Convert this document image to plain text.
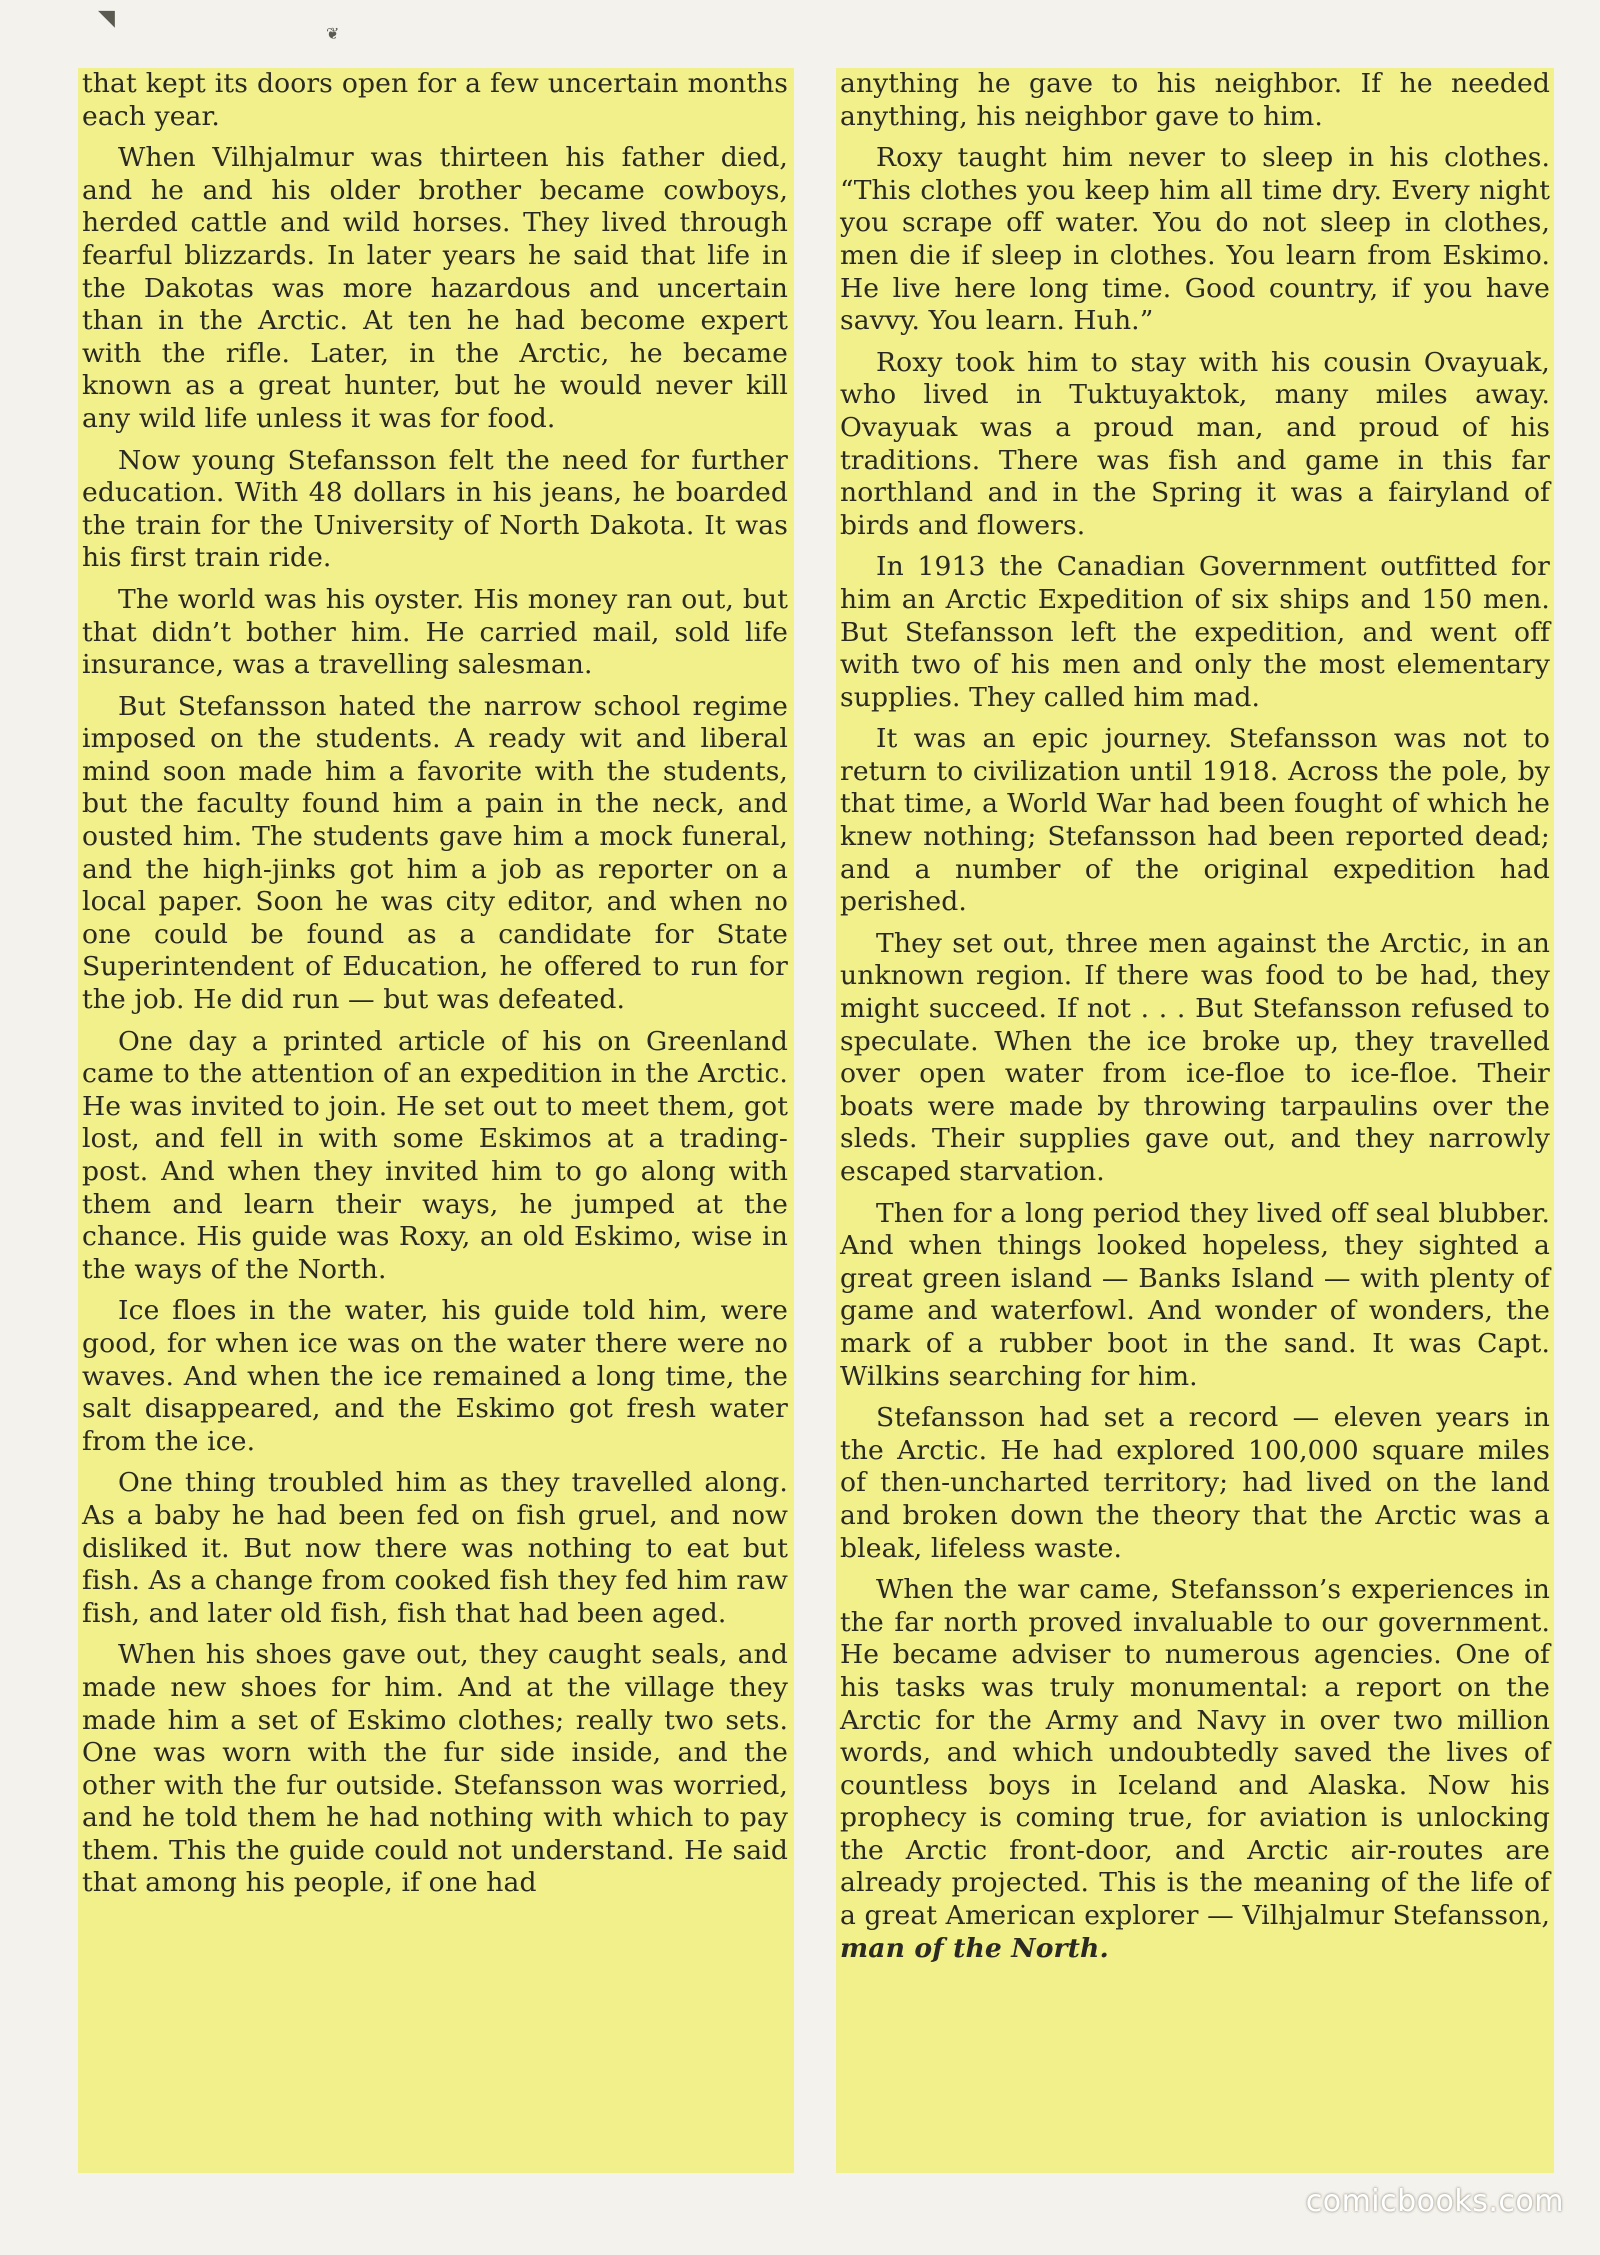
◥
❦

that kept its doors open for a few uncertain months each year.

When Vilhjalmur was thirteen his father died, and he and his older brother became cowboys, herded cattle and wild horses. They lived through fearful blizzards. In later years he said that life in the Dakotas was more hazardous and uncertain than in the Arctic. At ten he had become expert with the rifle. Later, in the Arctic, he became known as a great hunter, but he would never kill any wild life unless it was for food.

Now young Stefansson felt the need for further education. With 48 dollars in his jeans, he boarded the train for the University of North Dakota. It was his first train ride.

The world was his oyster. His money ran out, but that didn’t bother him. He carried mail, sold life insurance, was a travelling salesman.

But Stefansson hated the narrow school regime imposed on the students. A ready wit and liberal mind soon made him a favorite with the students, but the faculty found him a pain in the neck, and ousted him. The students gave him a mock funeral, and the high-jinks got him a job as reporter on a local paper. Soon he was city editor, and when no one could be found as a candidate for State Superintendent of Education, he offered to run for the job. He did run — but was defeated.

One day a printed article of his on Greenland came to the attention of an expedition in the Arctic. He was invited to join. He set out to meet them, got lost, and fell in with some Eskimos at a trading-post. And when they invited him to go along with them and learn their ways, he jumped at the chance. His guide was Roxy, an old Eskimo, wise in the ways of the North.

Ice floes in the water, his guide told him, were good, for when ice was on the water there were no waves. And when the ice remained a long time, the salt disappeared, and the Eskimo got fresh water from the ice.

One thing troubled him as they travelled along. As a baby he had been fed on fish gruel, and now disliked it. But now there was nothing to eat but fish. As a change from cooked fish they fed him raw fish, and later old fish, fish that had been aged.

When his shoes gave out, they caught seals, and made new shoes for him. And at the village they made him a set of Eskimo clothes; really two sets. One was worn with the fur side inside, and the other with the fur outside. Stefansson was worried, and he told them he had nothing with which to pay them. This the guide could not understand. He said that among his people, if one had

anything he gave to his neighbor. If he needed anything, his neighbor gave to him.

Roxy taught him never to sleep in his clothes. “This clothes you keep him all time dry. Every night you scrape off water. You do not sleep in clothes, men die if sleep in clothes. You learn from Eskimo. He live here long time. Good country, if you have savvy. You learn. Huh.”

Roxy took him to stay with his cousin Ovayuak, who lived in Tuktuyaktok, many miles away. Ovayuak was a proud man, and proud of his traditions. There was fish and game in this far northland and in the Spring it was a fairyland of birds and flowers.

In 1913 the Canadian Government outfitted for him an Arctic Expedition of six ships and 150 men. But Stefansson left the expedition, and went off with two of his men and only the most elementary supplies. They called him mad.

It was an epic journey. Stefansson was not to return to civilization until 1918. Across the pole, by that time, a World War had been fought of which he knew nothing; Stefansson had been reported dead; and a number of the original expedition had perished.

They set out, three men against the Arctic, in an unknown region. If there was food to be had, they might succeed. If not . . . But Stefansson refused to speculate. When the ice broke up, they travelled over open water from ice-floe to ice-floe. Their boats were made by throwing tarpaulins over the sleds. Their supplies gave out, and they narrowly escaped starvation.

Then for a long period they lived off seal blubber. And when things looked hopeless, they sighted a great green island — Banks Island — with plenty of game and waterfowl. And wonder of wonders, the mark of a rubber boot in the sand. It was Capt. Wilkins searching for him.

Stefansson had set a record — eleven years in the Arctic. He had explored 100,000 square miles of then-uncharted territory; had lived on the land and broken down the theory that the Arctic was a bleak, lifeless waste.

When the war came, Stefansson’s experiences in the far north proved invaluable to our government. He became adviser to numerous agencies. One of his tasks was truly monumental: a report on the Arctic for the Army and Navy in over two million words, and which undoubtedly saved the lives of countless boys in Iceland and Alaska. Now his prophecy is coming true, for aviation is unlocking the Arctic front-door, and Arctic air-routes are already projected. This is the meaning of the life of a great American explorer — Vilhjalmur Stefansson, man of the North.

comicbooks.com
